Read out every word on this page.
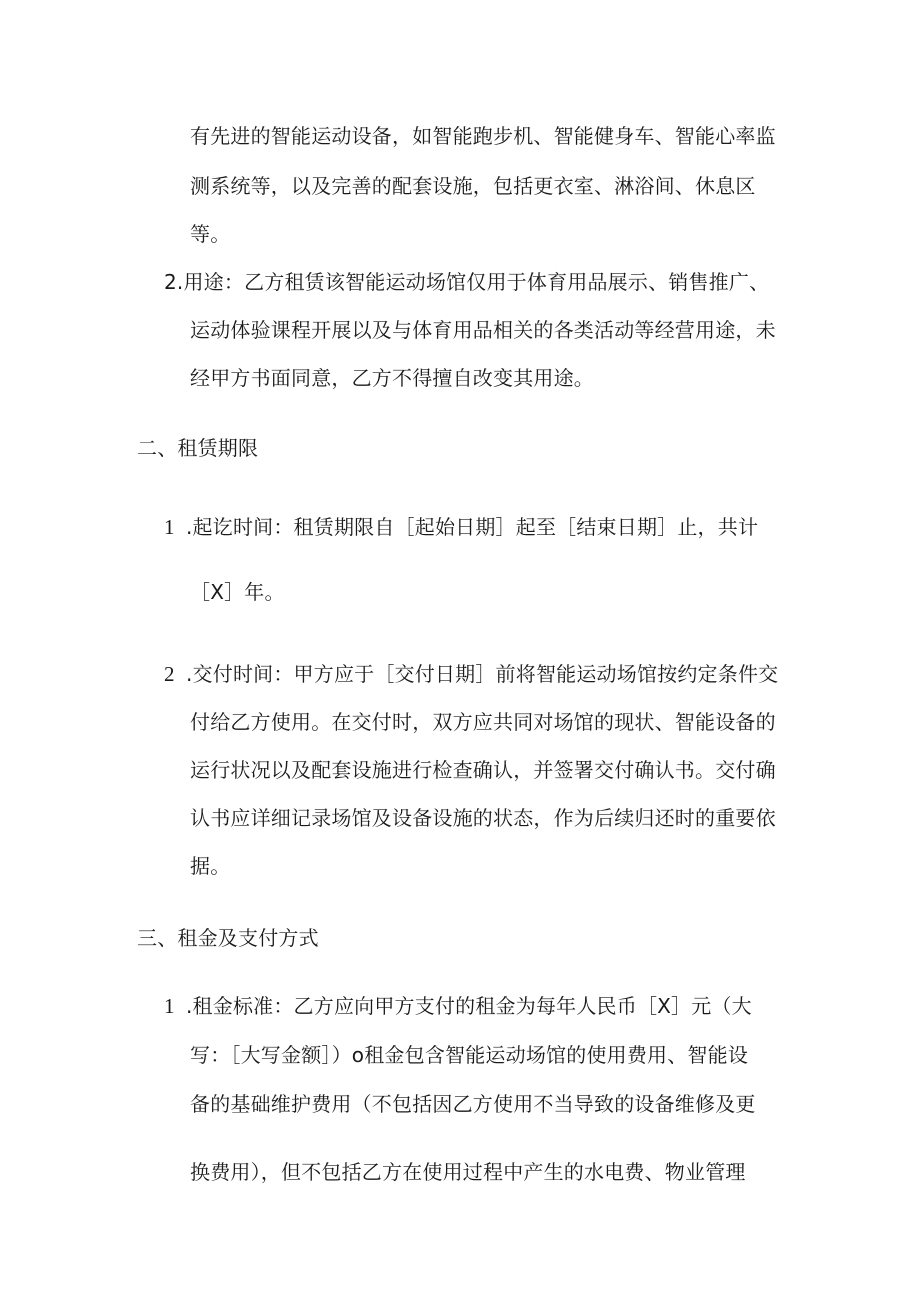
有先进的智能运动设备，如智能跑步机、智能健身车、智能心率监
测系统等，以及完善的配套设施，包括更衣室、淋浴间、休息区
等。
2.用途：乙方租赁该智能运动场馆仅用于体育用品展示、销售推广、
运动体验课程开展以及与体育用品相关的各类活动等经营用途，未
经甲方书面同意，乙方不得擅自改变其用途。
二、租赁期限
1 .起讫时间：租赁期限自［起始日期］起至［结束日期］止，共计
［X］年。
2 .交付时间：甲方应于［交付日期］前将智能运动场馆按约定条件交
付给乙方使用。在交付时，双方应共同对场馆的现状、智能设备的
运行状况以及配套设施进行检查确认，并签署交付确认书。交付确
认书应详细记录场馆及设备设施的状态，作为后续归还时的重要依
据。
三、租金及支付方式
1 .租金标准：乙方应向甲方支付的租金为每年人民币［X］元（大
写：［大写金额］）o租金包含智能运动场馆的使用费用、智能设
备的基础维护费用（不包括因乙方使用不当导致的设备维修及更
换费用），但不包括乙方在使用过程中产生的水电费、物业管理
